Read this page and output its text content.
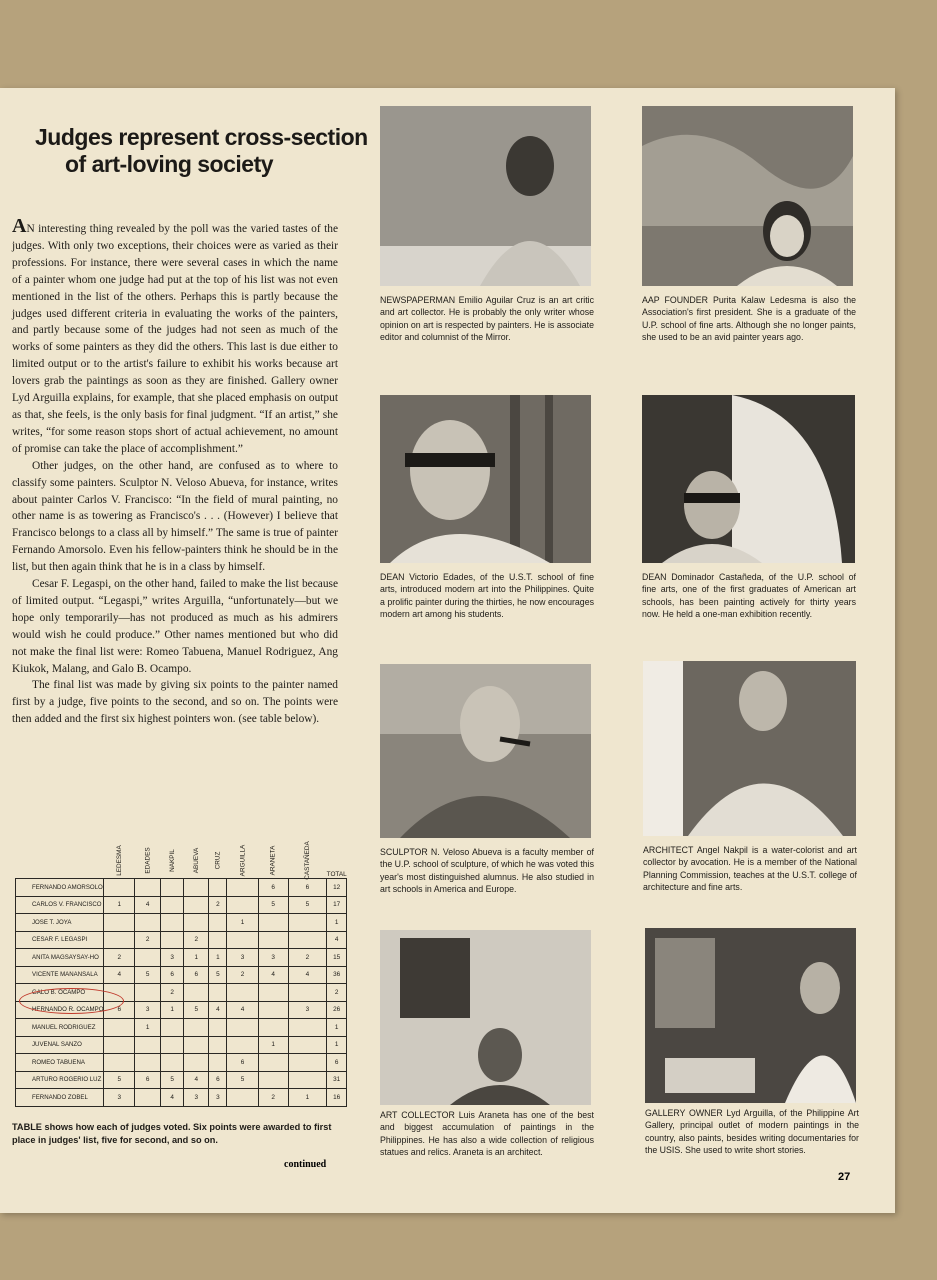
Judges represent cross-section
of art-loving society

AN interesting thing revealed by the poll was the varied tastes of the judges. With only two exceptions, their choices were as varied as their professions. For instance, there were several cases in which the name of a painter whom one judge had put at the top of his list was not even mentioned in the list of the others. Perhaps this is partly because the judges used different criteria in evaluating the works of the painters, and partly because some of the judges had not seen as much of the works of some painters as they did the others. This last is due either to limited output or to the artist's failure to exhibit his works because art lovers grab the paintings as soon as they are finished. Gallery owner Lyd Arguilla explains, for example, that she placed emphasis on output as that, she feels, is the only basis for final judgment. “If an artist,” she writes, “for some reason stops short of actual achievement, no amount of promise can take the place of accomplishment.”

Other judges, on the other hand, are confused as to where to classify some painters. Sculptor N. Veloso Abueva, for instance, writes about painter Carlos V. Francisco: “In the field of mural painting, no other name is as towering as Francisco's . . . (However) I believe that Francisco belongs to a class all by himself.” The same is true of painter Fernando Amorsolo. Even his fellow-painters think he should be in the list, but then again think that he is in a class by himself.

Cesar F. Legaspi, on the other hand, failed to make the list because of limited output. “Legaspi,” writes Arguilla, “unfortunately—but we hope only temporarily—has not produced as much as his admirers would wish he could produce.” Other names mentioned but who did not make the final list were: Romeo Tabuena, Manuel Rodriguez, Ang Kiukok, Malang, and Galo B. Ocampo.

The final list was made by giving six points to the painter named first by a judge, five points to the second, and so on. The points were then added and the first six highest pointers won. (see table below).

	LEDESMA	EDADES	NAKPIL	ABUEVA	CRUZ	ARGUILLA	ARANETA	CASTAÑEDA	TOTAL
FERNANDO AMORSOLO							6	6	12
CARLOS V. FRANCISCO	1	4			2		5	5	17
JOSE T. JOYA						1			1
CESAR F. LEGASPI		2		2					4
ANITA MAGSAYSAY-HO	2		3	1	1	3	3	2	15
VICENTE MANANSALA	4	5	6	6	5	2	4	4	36
GALO B. OCAMPO			2						2
HERNANDO R. OCAMPO	6	3	1	5	4	4		3	26
MANUEL RODRIGUEZ		1							1
JUVENAL SANZO							1		1
ROMEO TABUENA						6			6
ARTURO ROGERIO LUZ	5	6	5	4	6	5			31
FERNANDO ZOBEL	3		4	3	3		2	1	16
TABLE shows how each of judges voted. Six points were awarded to first place in judges' list, five for second, and so on.
continued
NEWSPAPERMAN Emilio Aguilar Cruz is an art critic and art collector. He is probably the only writer whose opinion on art is respected by painters. He is associate editor and columnist of the Mirror.
AAP FOUNDER Purita Kalaw Ledesma is also the Association's first president. She is a graduate of the U.P. school of fine arts. Although she no longer paints, she used to be an avid painter years ago.
DEAN Victorio Edades, of the U.S.T. school of fine arts, introduced modern art into the Philippines. Quite a prolific painter during the thirties, he now encourages modern art among his students.
DEAN Dominador Castañeda, of the U.P. school of fine arts, one of the first graduates of American art schools, has been painting actively for thirty years now. He held a one-man exhibition recently.
SCULPTOR N. Veloso Abueva is a faculty member of the U.P. school of sculpture, of which he was voted this year's most distinguished alumnus. He also studied in art schools in America and Europe.
ARCHITECT Angel Nakpil is a water-colorist and art collector by avocation. He is a member of the National Planning Commission, teaches at the U.S.T. college of architecture and fine arts.
ART COLLECTOR Luis Araneta has one of the best and biggest accumulation of paintings in the Philippines. He has also a wide collection of religious statues and relics. Araneta is an architect.
GALLERY OWNER Lyd Arguilla, of the Philippine Art Gallery, principal outlet of modern paintings in the country, also paints, besides writing documentaries for the USIS. She used to write short stories.
27
